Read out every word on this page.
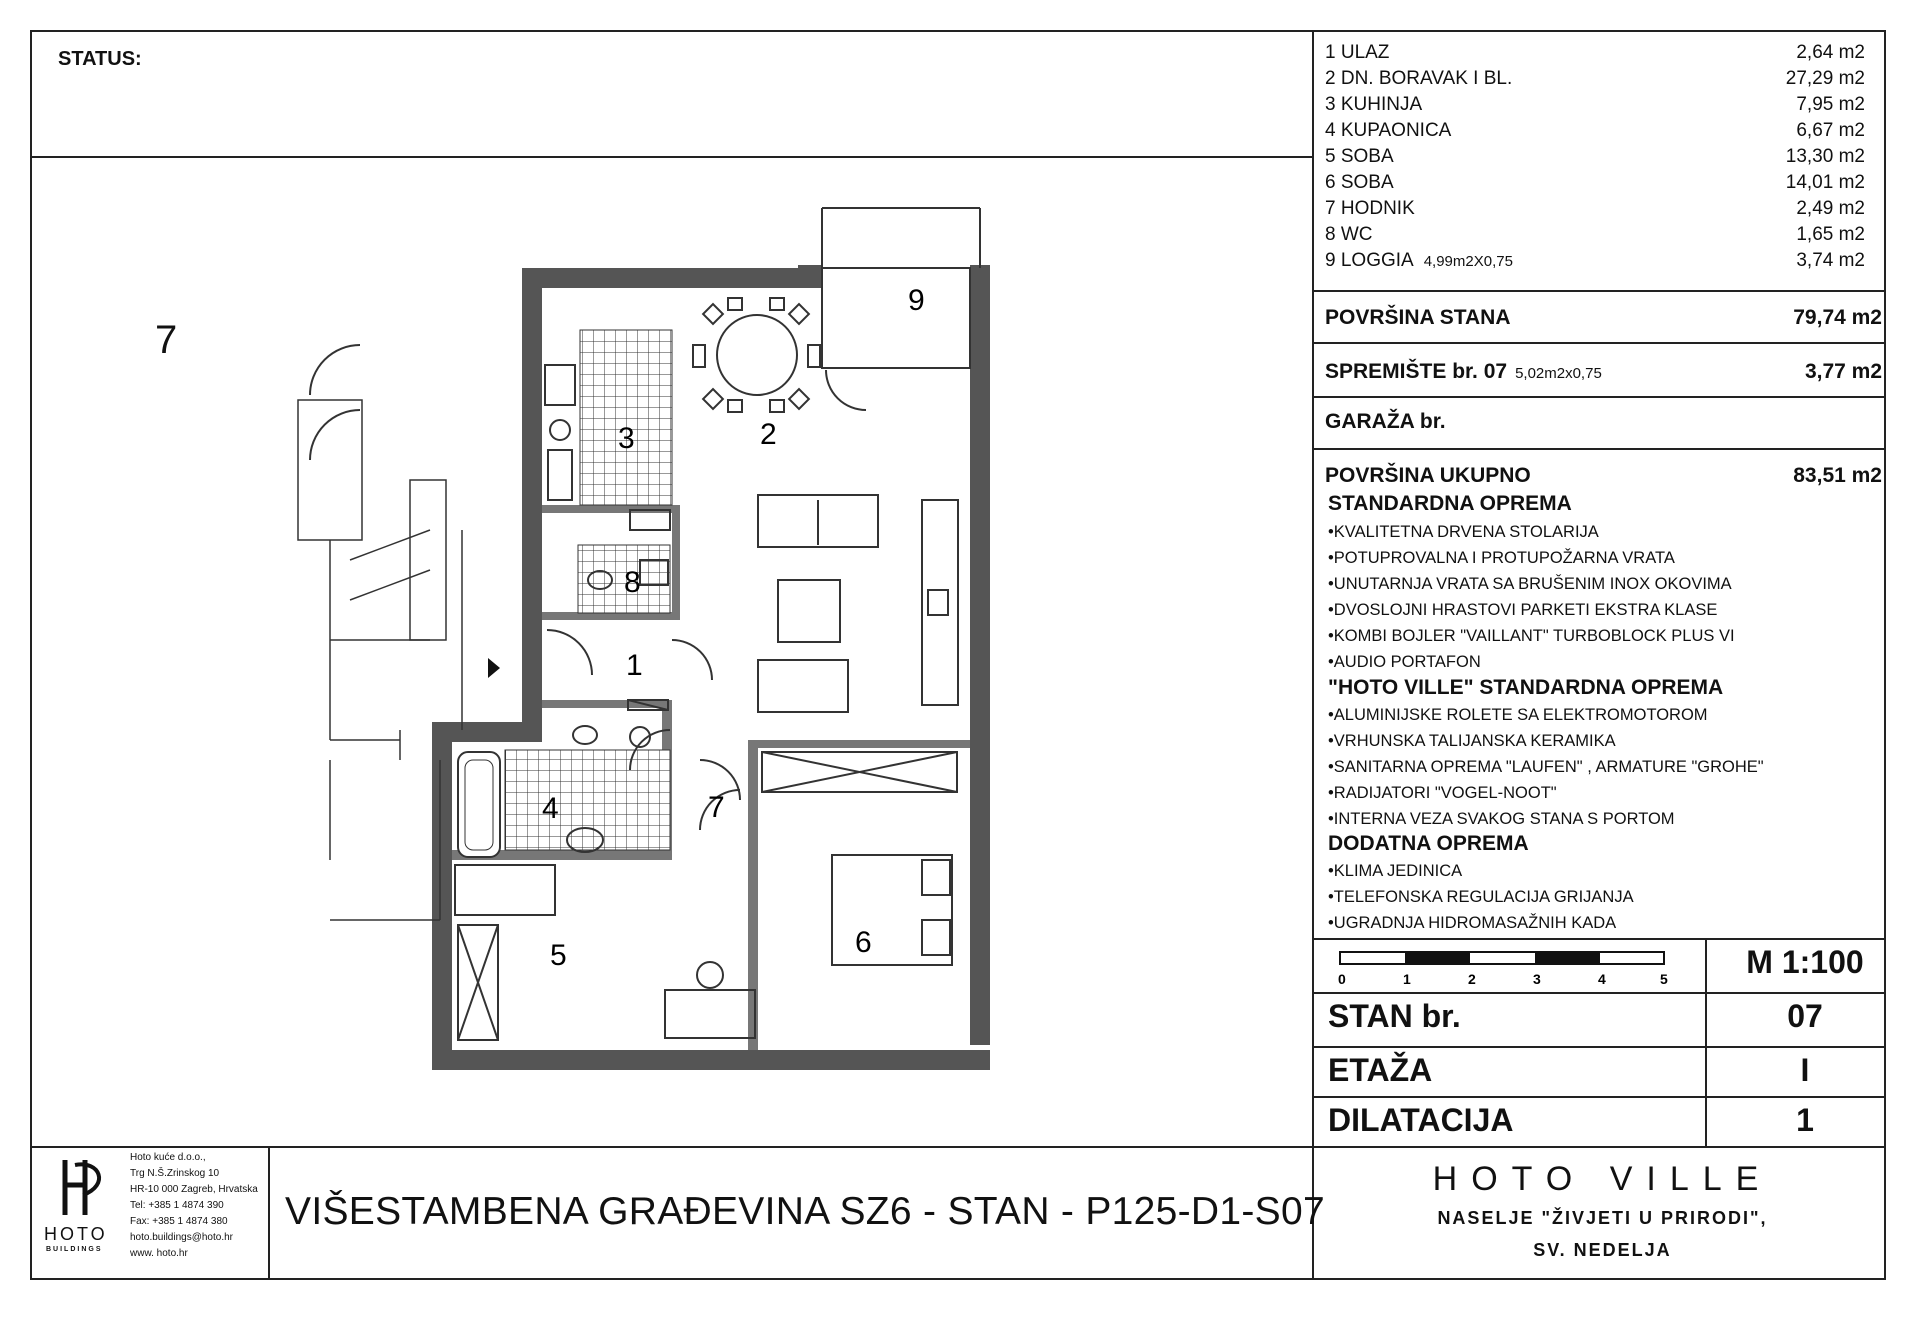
STATUS:
7
9
2
3
8
1
4	7
5	6
1 ULAZ	2,64 m2
2 DN. BORAVAK I BL.	27,29 m2
3 KUHINJA	7,95 m2
4 KUPAONICA	6,67 m2
5 SOBA	13,30 m2
6 SOBA	14,01 m2
7 HODNIK	2,49 m2
8 WC	1,65 m2
9 LOGGIA 4,99m2X0,75	3,74 m2
POVRŠINA STANA	79,74 m2
SPREMIŠTE br. 07 5,02m2x0,75	3,77 m2
GARAŽA br.
POVRŠINA UKUPNO	83,51 m2
STANDARDNA OPREMA
•KVALITETNA DRVENA STOLARIJA
•POTUPROVALNA I PROTUPOŽARNA VRATA
•UNUTARNJA VRATA SA BRUŠENIM INOX OKOVIMA
•DVOSLOJNI HRASTOVI PARKETI EKSTRA KLASE
•KOMBI BOJLER "VAILLANT" TURBOBLOCK PLUS VI
•AUDIO PORTAFON
"HOTO VILLE" STANDARDNA OPREMA
•ALUMINIJSKE ROLETE SA ELEKTROMOTOROM
•VRHUNSKA TALIJANSKA KERAMIKA
•SANITARNA OPREMA "LAUFEN" , ARMATURE "GROHE"
•RADIJATORI "VOGEL-NOOT"
•INTERNA VEZA SVAKOG STANA S PORTOM
DODATNA OPREMA
•KLIMA JEDINICA
•TELEFONSKA REGULACIJA GRIJANJA
•UGRADNJA HIDROMASAŽNIH KADA
0	1	2	3	4	5	M 1:100
STAN br.	07
ETAŽA	I
DILATACIJA	1
HOTO
BUILDINGS
Hoto kuće d.o.o.,
Trg N.Š.Zrinskog 10
HR-10 000 Zagreb, Hrvatska
Tel: +385 1 4874 390
Fax: +385 1 4874 380
hoto.buildings@hoto.hr
www. hoto.hr
VIŠESTAMBENA GRAĐEVINA SZ6 - STAN - P125-D1-S07
HOTO VILLE
NASELJE "ŽIVJETI U PRIRODI",
SV. NEDELJA
